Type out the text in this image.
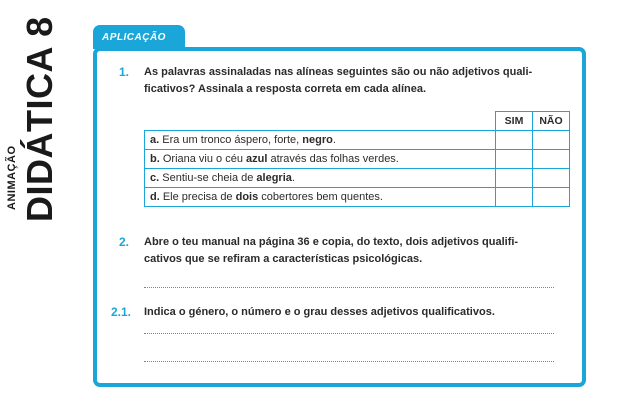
ANIMAÇÃO DIDÁTICA 8	APLICAÇÃO
1. As palavras assinaladas nas alíneas seguintes são ou não adjetivos quali-
ficativos? Assinala a resposta correta em cada alínea.
	SIM	NÃO
a. Era um tronco áspero, forte, negro.		
b. Oriana viu o céu azul através das folhas verdes.		
c. Sentiu-se cheia de alegria.		
d. Ele precisa de dois cobertores bem quentes.		
2. Abre o teu manual na página 36 e copia, do texto, dois adjetivos qualifi-
cativos que se refiram a características psicológicas.
2.1. Indica o género, o número e o grau desses adjetivos qualificativos.
